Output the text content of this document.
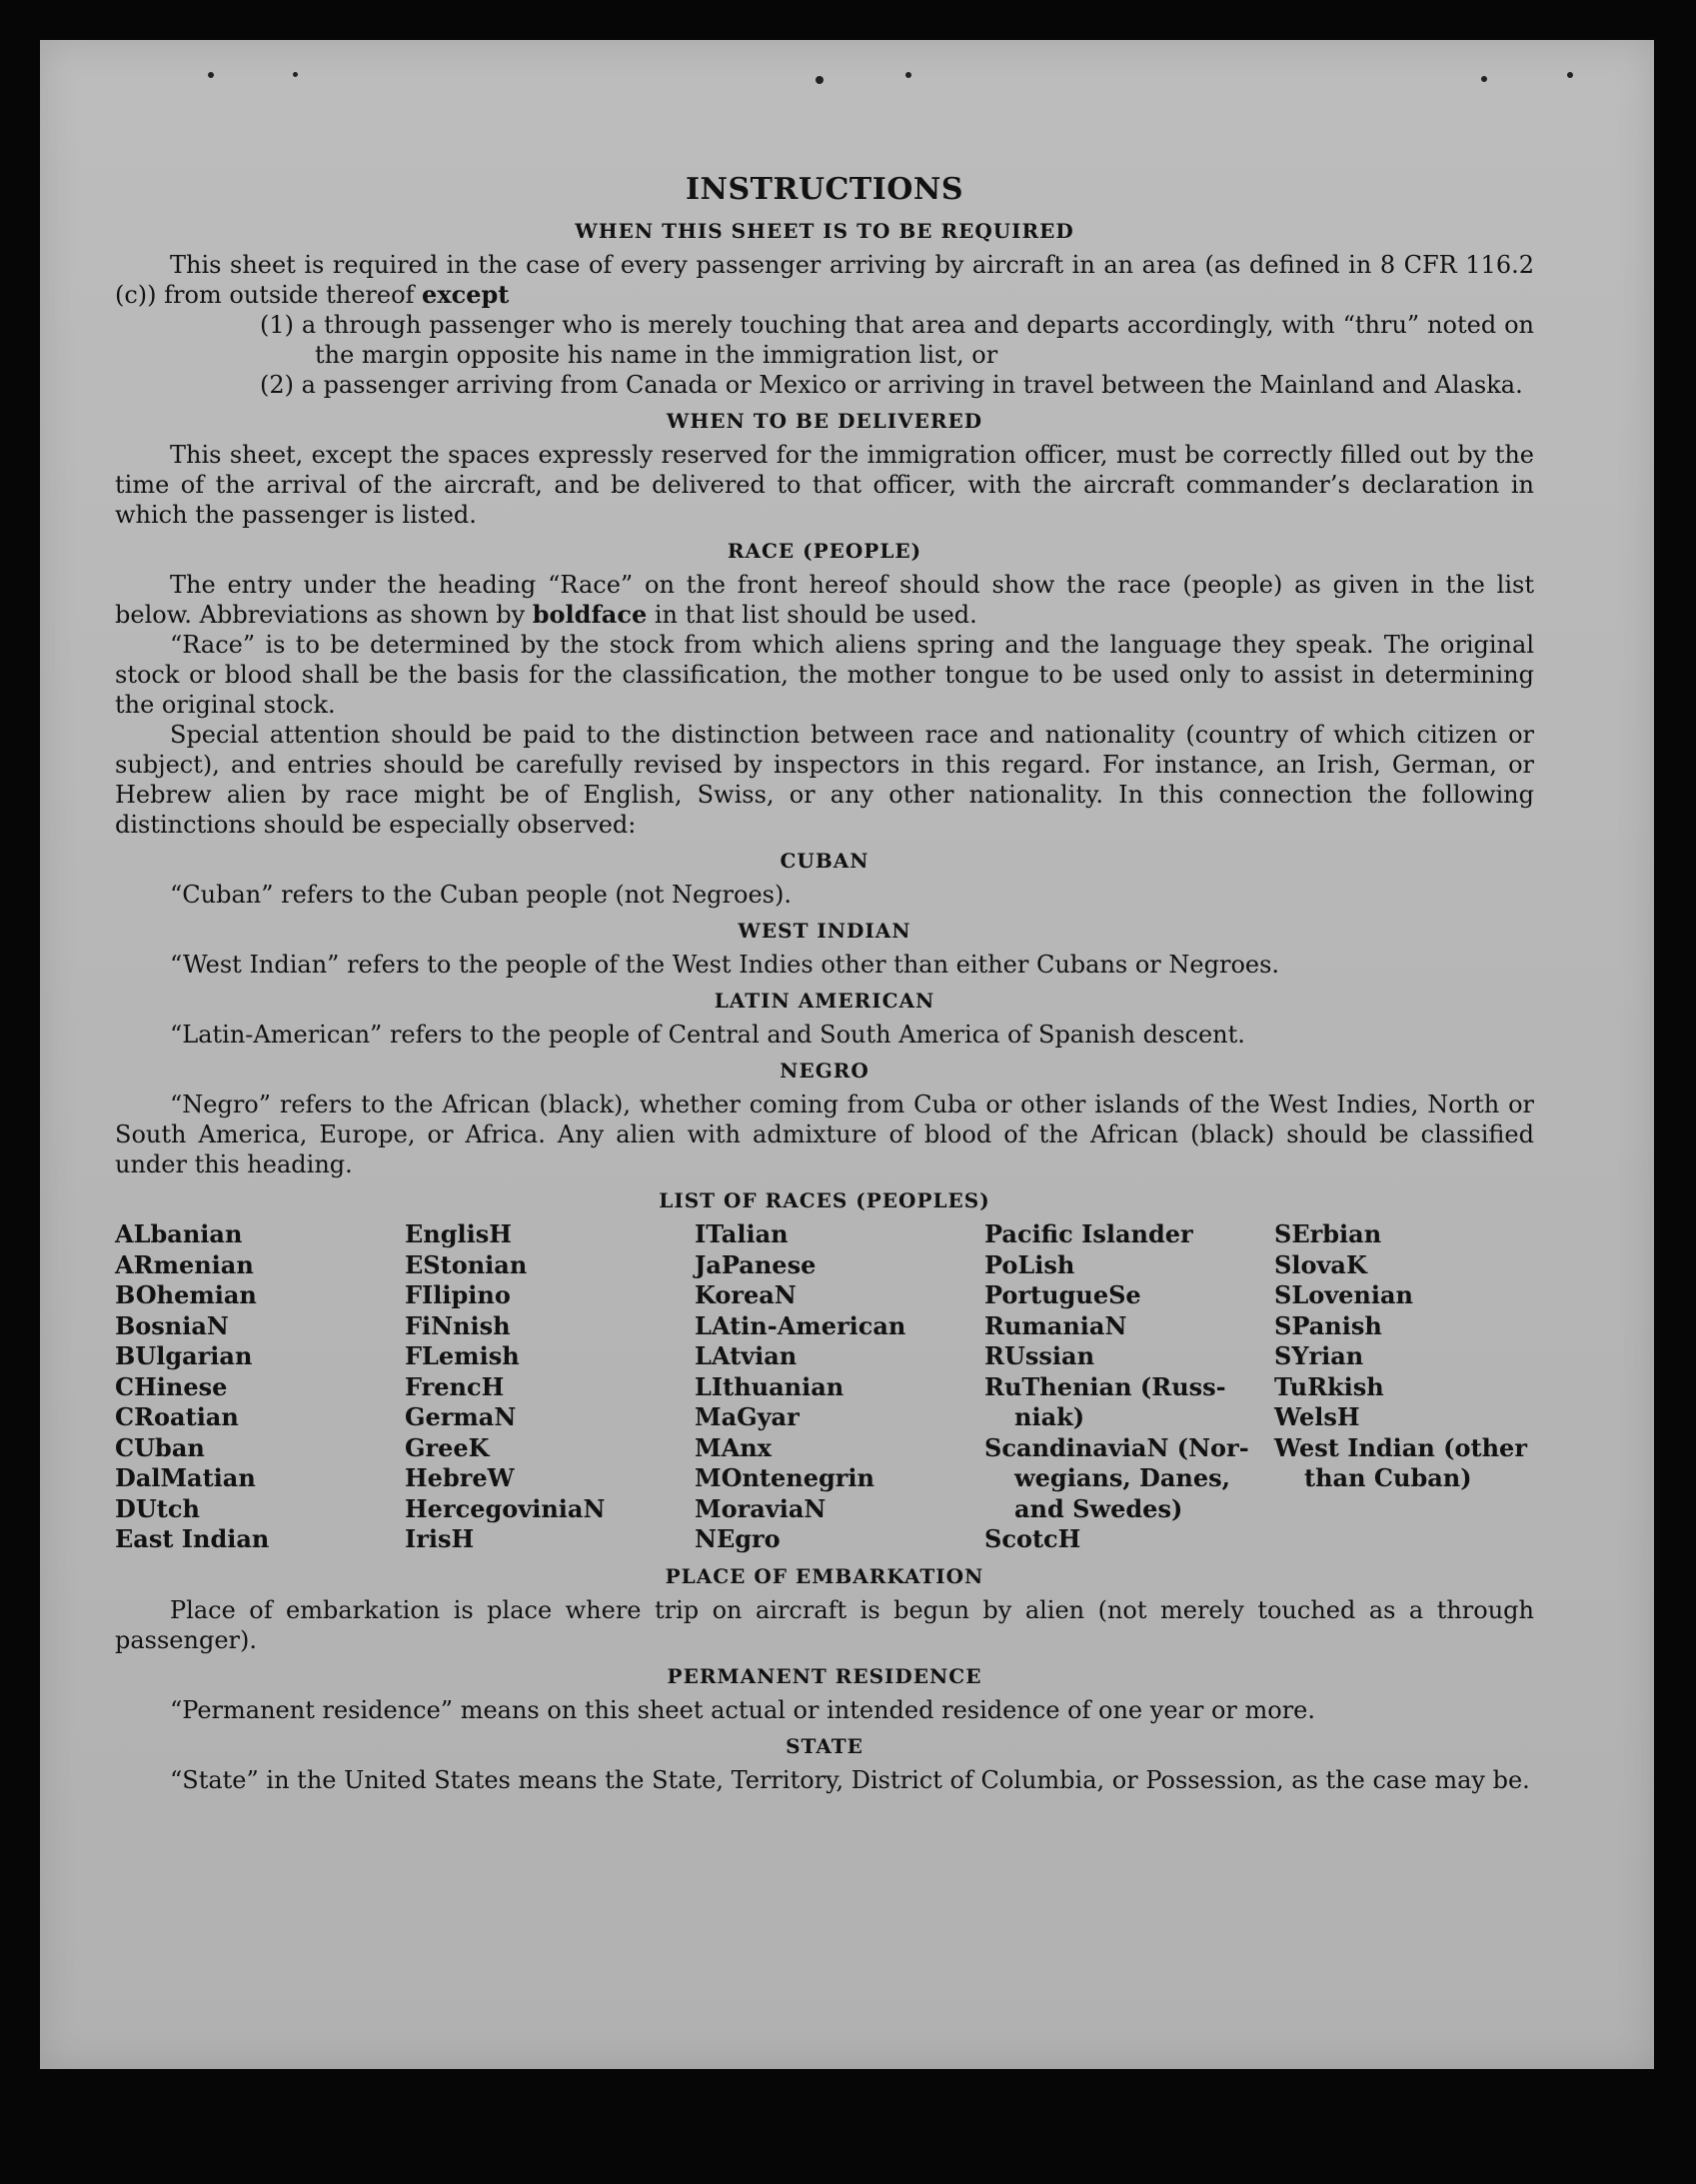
INSTRUCTIONS
WHEN THIS SHEET IS TO BE REQUIRED

This sheet is required in the case of every passenger arriving by aircraft in an area (as defined in 8 CFR 116.2 (c)) from outside thereof except

(1) a through passenger who is merely touching that area and departs accordingly, with “thru” noted on the margin opposite his name in the immigration list, or

(2) a passenger arriving from Canada or Mexico or arriving in travel between the Mainland and Alaska.

WHEN TO BE DELIVERED

This sheet, except the spaces expressly reserved for the immigration officer, must be correctly filled out by the time of the arrival of the aircraft, and be delivered to that officer, with the aircraft commander’s declaration in which the passenger is listed.

RACE (PEOPLE)

The entry under the heading “Race” on the front hereof should show the race (people) as given in the list below. Abbreviations as shown by boldface in that list should be used.

“Race” is to be determined by the stock from which aliens spring and the language they speak. The original stock or blood shall be the basis for the classification, the mother tongue to be used only to assist in determining the original stock.

Special attention should be paid to the distinction between race and nationality (country of which citizen or subject), and entries should be carefully revised by inspectors in this regard. For instance, an Irish, German, or Hebrew alien by race might be of English, Swiss, or any other nationality. In this connection the following distinctions should be especially observed:

CUBAN

“Cuban” refers to the Cuban people (not Negroes).

WEST INDIAN

“West Indian” refers to the people of the West Indies other than either Cubans or Negroes.

LATIN AMERICAN

“Latin-American” refers to the people of Central and South America of Spanish descent.

NEGRO

“Negro” refers to the African (black), whether coming from Cuba or other islands of the West Indies, North or South America, Europe, or Africa. Any alien with admixture of blood of the African (black) should be classified under this heading.

LIST OF RACES (PEOPLES)
ALbanian
ARmenian
BOhemian
BosniaN
BUlgarian
CHinese
CRoatian
CUban
DalMatian
DUtch
East Indian
EnglisH
EStonian
FIlipino
FiNnish
FLemish
FrencH
GermaN
GreeK
HebreW
HercegoviniaN
IrisH
ITalian
JaPanese
KoreaN
LAtin-American
LAtvian
LIthuanian
MaGyar
MAnx
MOntenegrin
MoraviaN
NEgro
Pacific Islander
PoLish
PortugueSe
RumaniaN
RUssian
RuThenian (Russ-
niak)
ScandinaviaN (Nor-
wegians, Danes,
and Swedes)
ScotcH
SErbian
SlovaK
SLovenian
SPanish
SYrian
TuRkish
WelsH
West Indian (other
than Cuban)
PLACE OF EMBARKATION

Place of embarkation is place where trip on aircraft is begun by alien (not merely touched as a through passenger).

PERMANENT RESIDENCE

“Permanent residence” means on this sheet actual or intended residence of one year or more.

STATE

“State” in the United States means the State, Territory, District of Columbia, or Possession, as the case may be.
